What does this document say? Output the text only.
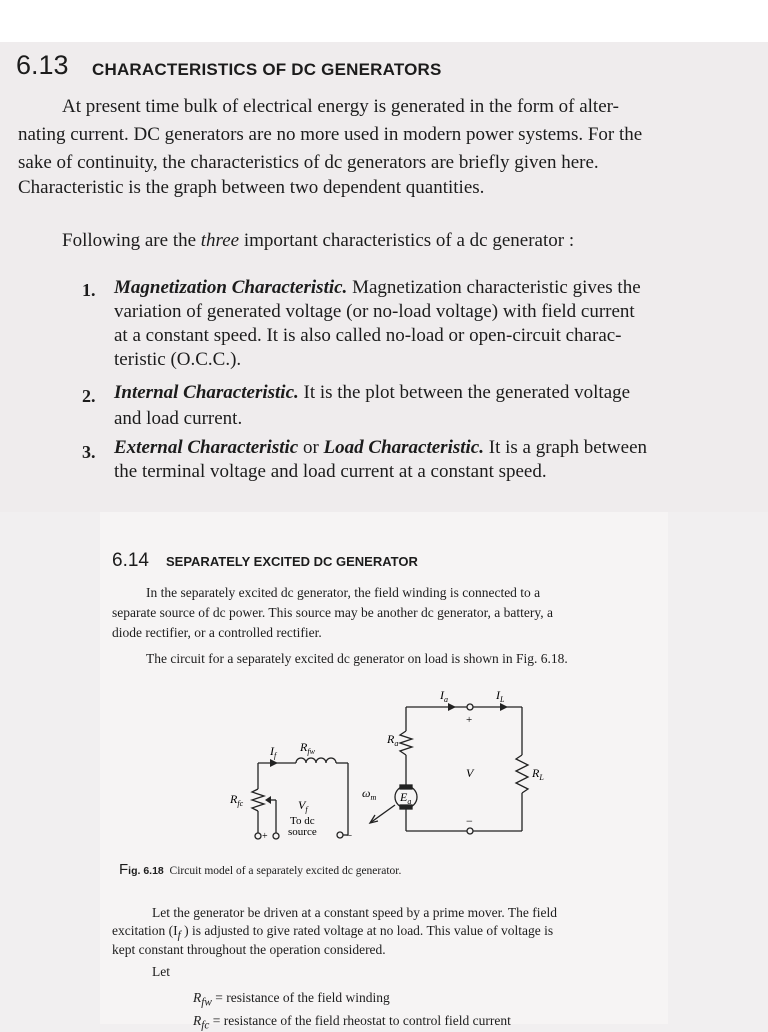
6.13 CHARACTERISTICS OF DC GENERATORS
At present time bulk of electrical energy is generated in the form of alter-
nating current. DC generators are no more used in modern power systems. For the
sake of continuity, the characteristics of dc generators are briefly given here.
Characteristic is the graph between two dependent quantities.
Following are the three important characteristics of a dc generator :
1. Magnetization Characteristic. Magnetization characteristic gives the
variation of generated voltage (or no-load voltage) with field current
at a constant speed. It is also called no-load or open-circuit charac-
teristic (O.C.C.).
2. Internal Characteristic. It is the plot between the generated voltage
and load current.
3. External Characteristic or Load Characteristic. It is a graph between
the terminal voltage and load current at a constant speed.
6.14 SEPARATELY EXCITED DC GENERATOR
In the separately excited dc generator, the field winding is connected to a
separate source of dc power. This source may be another dc generator, a battery, a
diode rectifier, or a controlled rectifier.
The circuit for a separately excited dc generator on load is shown in Fig. 6.18.
$I_a$	$I_L$
+
$R_a$
V	$R_L$
−
$I_f$
$R_{fw}$
$R_{fc}$	$V_f$
To dc
source
+	−
$\omega_m$ $E_a$
Fig. 6.18 Circuit model of a separately excited dc generator.
Let the generator be driven at a constant speed by a prime mover. The field
excitation ($I_f$ ) is adjusted to give rated voltage at no load. This value of voltage is
kept constant throughout the operation considered.
Let
$R_{fw}$ = resistance of the field winding
$R_{fc}$ = resistance of the field rheostat to control field current
